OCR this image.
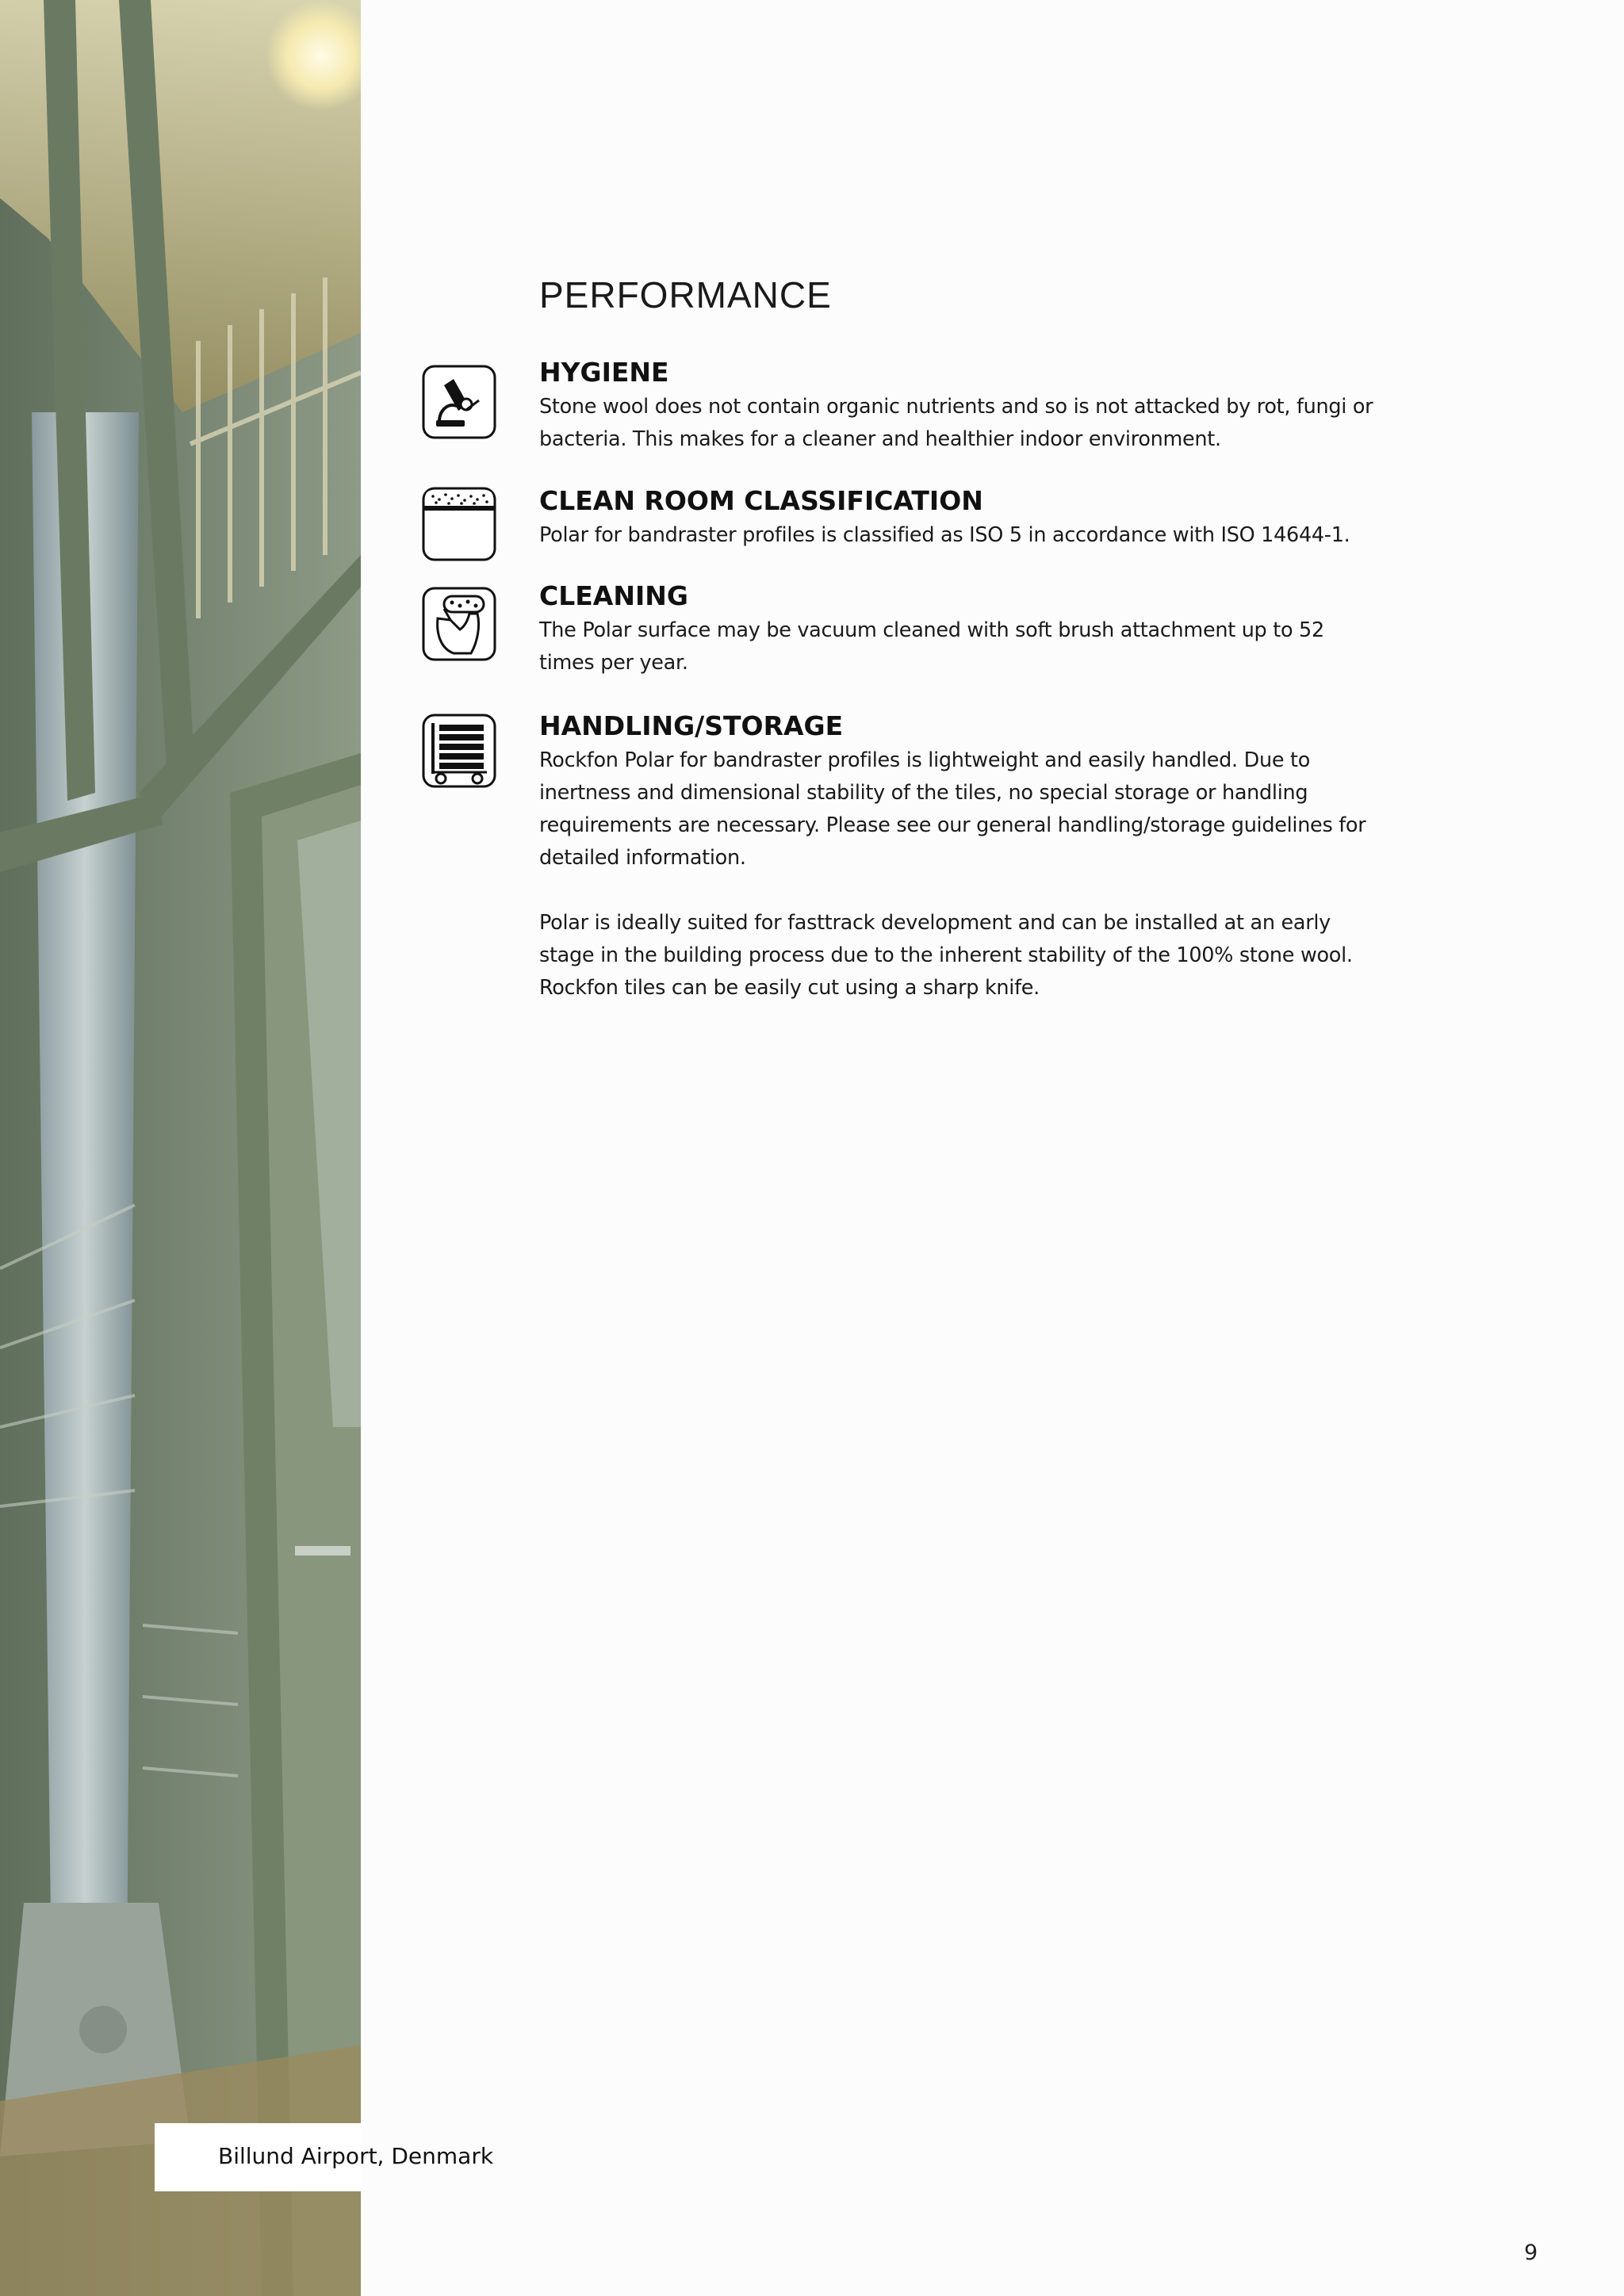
Billund Airport, Denmark
PERFORMANCE
HYGIENE

Stone wool does not contain organic nutrients and so is not attacked by rot, fungi or bacteria. This makes for a cleaner and healthier indoor environment.

CLEAN ROOM CLASSIFICATION

Polar for bandraster profiles is classified as ISO 5 in accordance with ISO 14644-1.

CLEANING

The Polar surface may be vacuum cleaned with soft brush attachment up to 52 times per year.

HANDLING/STORAGE

Rockfon Polar for bandraster profiles is lightweight and easily handled. Due to inertness and dimensional stability of the tiles, no special storage or handling requirements are necessary. Please see our general handling/storage guidelines for detailed information.

Polar is ideally suited for fasttrack development and can be installed at an early stage in the building process due to the inherent stability of the 100% stone wool. Rockfon tiles can be easily cut using a sharp knife.

9
